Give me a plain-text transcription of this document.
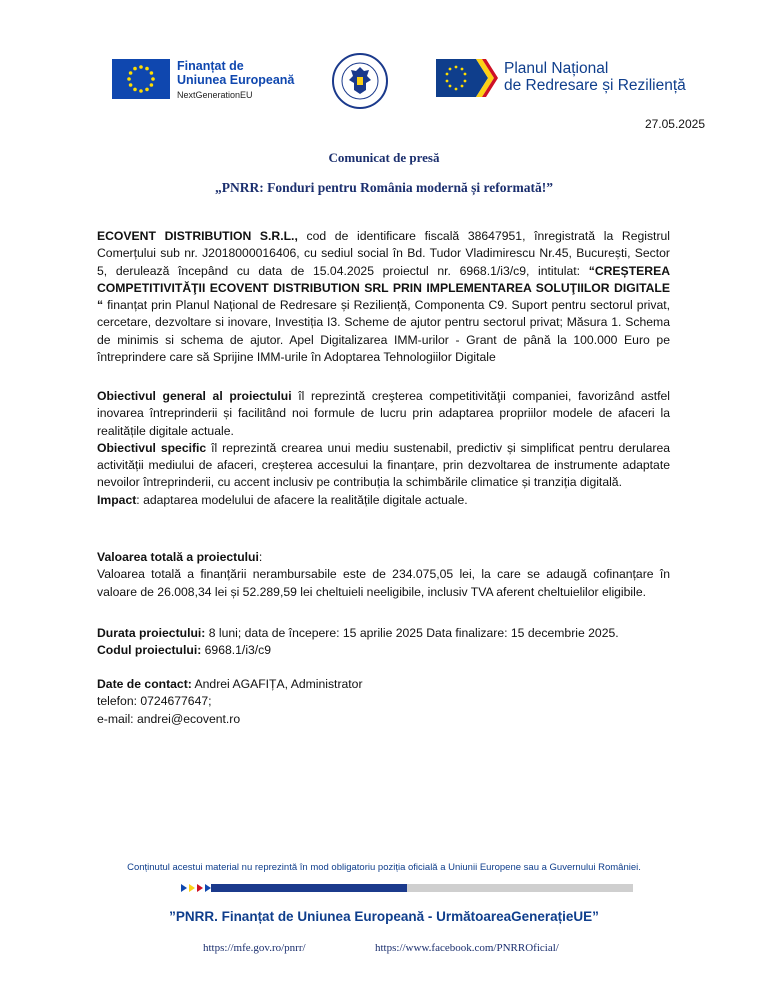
Finanțat de
Uniunea Europeană
NextGenerationEU
Planul Național
de Redresare și Reziliență
27.05.2025
Comunicat de presă
„PNRR: Fonduri pentru România modernă și reformată!”

ECOVENT DISTRIBUTION S.R.L., cod de identificare fiscală 38647951, înregistrată la Registrul Comerțului sub nr. J2018000016406, cu sediul social în Bd. Tudor Vladimirescu Nr.45, București, Sector 5, derulează începând cu data de 15.04.2025 proiectul nr. 6968.1/i3/c9, intitulat: “CREȘTEREA COMPETITIVITĂŢII ECOVENT DISTRIBUTION SRL PRIN IMPLEMENTAREA SOLUŢIILOR DIGITALE “ finanțat prin Planul Național de Redresare și Reziliență, Componenta C9. Suport pentru sectorul privat, cercetare, dezvoltare si inovare, Investiția I3. Scheme de ajutor pentru sectorul privat; Măsura 1. Schema de minimis si schema de ajutor. Apel Digitalizarea IMM-urilor - Grant de până la 100.000 Euro pe întreprindere care să Sprijine IMM-urile în Adoptarea Tehnologiilor Digitale

Obiectivul general al proiectului îl reprezintă creşterea competitivităţii companiei, favorizând astfel inovarea întreprinderii și facilitând noi formule de lucru prin adaptarea propriilor modele de afaceri la realitățile digitale actuale.

Obiectivul specific îl reprezintă crearea unui mediu sustenabil, predictiv și simplificat pentru derularea activității mediului de afaceri, creșterea accesului la finanțare, prin dezvoltarea de instrumente adaptate nevoilor întreprinderii, cu accent inclusiv pe contribuția la schimbările climatice și tranziția digitală.

Impact: adaptarea modelului de afacere la realitățile digitale actuale.

Valoarea totală a proiectului:

Valoarea totală a finanțării nerambursabile este de 234.075,05 lei, la care se adaugă cofinanțare în valoare de 26.008,34 lei și 52.289,59 lei cheltuieli neeligibile, inclusiv TVA aferent cheltuielilor eligibile.

Durata proiectului: 8 luni; data de începere: 15 aprilie 2025 Data finalizare: 15 decembrie 2025.

Codul proiectului: 6968.1/i3/c9

Date de contact: Andrei AGAFIȚA, Administrator

telefon: 0724677647;

e-mail: andrei@ecovent.ro

Conținutul acestui material nu reprezintă în mod obligatoriu poziția oficială a Uniunii Europene sau a Guvernului României.
”PNRR. Finanțat de Uniunea Europeană - UrmătoareaGenerațieUE”
https://mfe.gov.ro/pnrr/	https://www.facebook.com/PNRROficial/
